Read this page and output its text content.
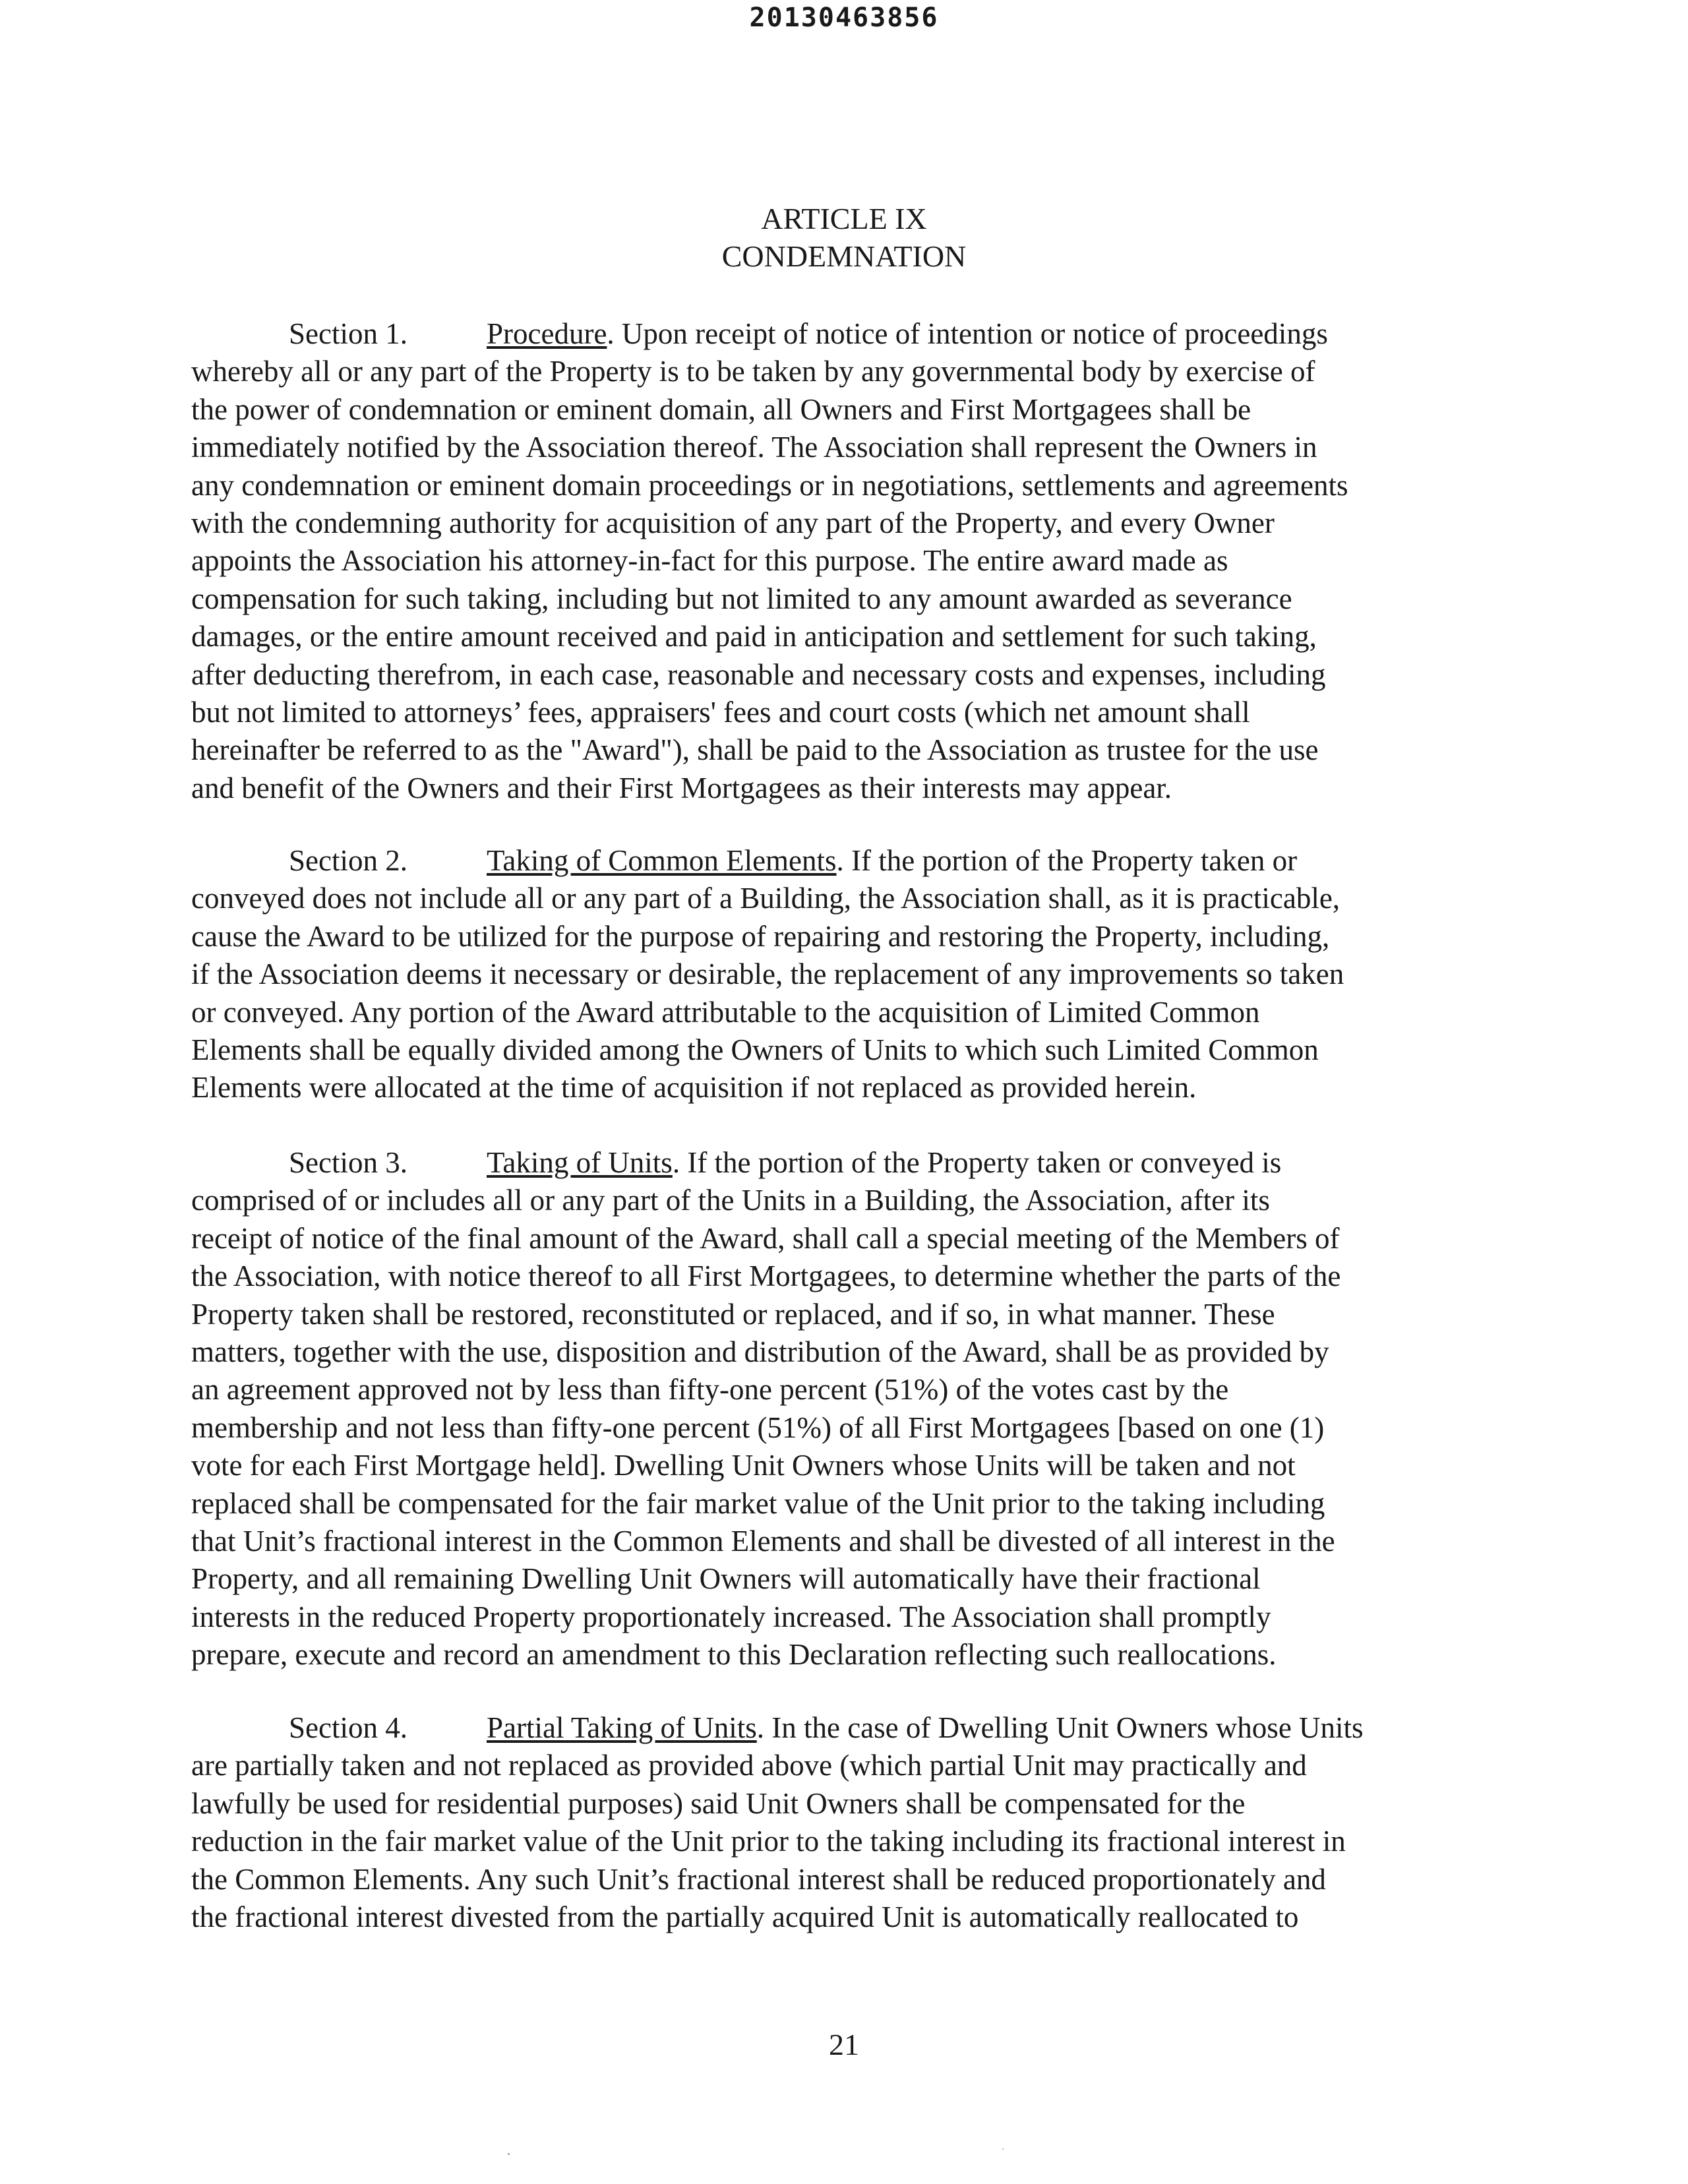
20130463856
ARTICLE IX
CONDEMNATION
Section 1.	Procedure. Upon receipt of notice of intention or notice of proceedings
whereby all or any part of the Property is to be taken by any governmental body by exercise of
the power of condemnation or eminent domain, all Owners and First Mortgagees shall be
immediately notified by the Association thereof. The Association shall represent the Owners in
any condemnation or eminent domain proceedings or in negotiations, settlements and agreements
with the condemning authority for acquisition of any part of the Property, and every Owner
appoints the Association his attorney-in-fact for this purpose. The entire award made as
compensation for such taking, including but not limited to any amount awarded as severance
damages, or the entire amount received and paid in anticipation and settlement for such taking,
after deducting therefrom, in each case, reasonable and necessary costs and expenses, including
but not limited to attorneys’ fees, appraisers' fees and court costs (which net amount shall
hereinafter be referred to as the "Award"), shall be paid to the Association as trustee for the use
and benefit of the Owners and their First Mortgagees as their interests may appear.
Section 2.	Taking of Common Elements. If the portion of the Property taken or
conveyed does not include all or any part of a Building, the Association shall, as it is practicable,
cause the Award to be utilized for the purpose of repairing and restoring the Property, including,
if the Association deems it necessary or desirable, the replacement of any improvements so taken
or conveyed. Any portion of the Award attributable to the acquisition of Limited Common
Elements shall be equally divided among the Owners of Units to which such Limited Common
Elements were allocated at the time of acquisition if not replaced as provided herein.
Section 3.	Taking of Units. If the portion of the Property taken or conveyed is
comprised of or includes all or any part of the Units in a Building, the Association, after its
receipt of notice of the final amount of the Award, shall call a special meeting of the Members of
the Association, with notice thereof to all First Mortgagees, to determine whether the parts of the
Property taken shall be restored, reconstituted or replaced, and if so, in what manner. These
matters, together with the use, disposition and distribution of the Award, shall be as provided by
an agreement approved not by less than fifty-one percent (51%) of the votes cast by the
membership and not less than fifty-one percent (51%) of all First Mortgagees [based on one (1)
vote for each First Mortgage held]. Dwelling Unit Owners whose Units will be taken and not
replaced shall be compensated for the fair market value of the Unit prior to the taking including
that Unit’s fractional interest in the Common Elements and shall be divested of all interest in the
Property, and all remaining Dwelling Unit Owners will automatically have their fractional
interests in the reduced Property proportionately increased. The Association shall promptly
prepare, execute and record an amendment to this Declaration reflecting such reallocations.
Section 4.	Partial Taking of Units. In the case of Dwelling Unit Owners whose Units
are partially taken and not replaced as provided above (which partial Unit may practically and
lawfully be used for residential purposes) said Unit Owners shall be compensated for the
reduction in the fair market value of the Unit prior to the taking including its fractional interest in
the Common Elements. Any such Unit’s fractional interest shall be reduced proportionately and
the fractional interest divested from the partially acquired Unit is automatically reallocated to
21
